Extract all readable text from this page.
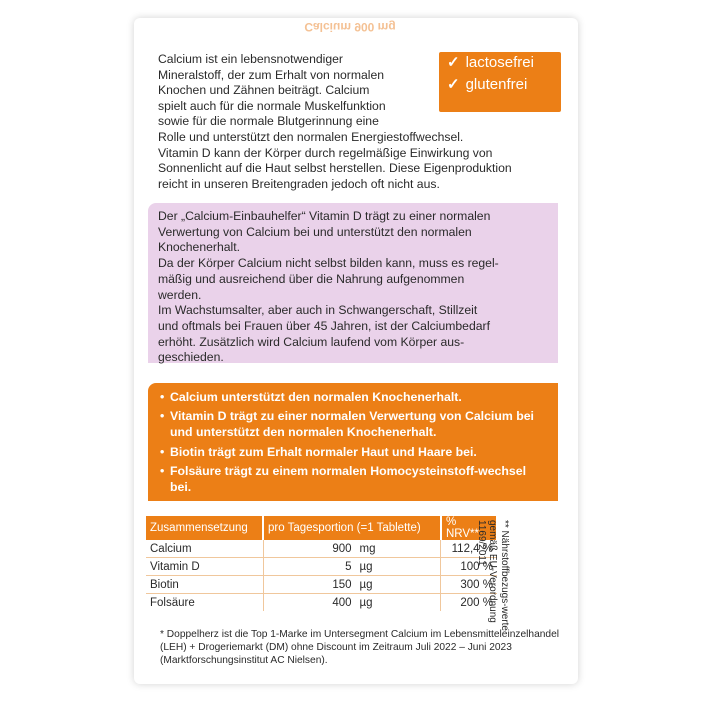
Calcium 900 mg
✓ lactosefrei
✓ glutenfrei

Calcium ist ein lebensnotwendiger

Mineralstoff, der zum Erhalt von normalen

Knochen und Zähnen beiträgt. Calcium

spielt auch für die normale Muskelfunktion

sowie für die normale Blutgerinnung eine

Rolle und unterstützt den normalen Energiestoffwechsel.

Vitamin D kann der Körper durch regelmäßige Einwirkung von

Sonnenlicht auf die Haut selbst herstellen. Diese Eigenproduktion

reicht in unseren Breitengraden jedoch oft nicht aus.

Der „Calcium-Einbauhelfer“ Vitamin D trägt zu einer normalen

Verwertung von Calcium bei und unterstützt den normalen

Knochenerhalt.

Da der Körper Calcium nicht selbst bilden kann, muss es regel-

mäßig und ausreichend über die Nahrung aufgenommen

werden.

Im Wachstumsalter, aber auch in Schwangerschaft, Stillzeit

und oftmals bei Frauen über 45 Jahren, ist der Calciumbedarf

erhöht. Zusätzlich wird Calcium laufend vom Körper aus-

geschieden.

• Calcium unterstützt den normalen Knochenerhalt.
• Vitamin D trägt zu einer normalen Verwertung von Calcium bei und unterstützt den normalen Knochenerhalt.
• Biotin trägt zum Erhalt normaler Haut und Haare bei.
• Folsäure trägt zu einem normalen Homocysteinstoff-wechsel bei.
Zusammensetzung	pro Tagesportion (=1 Tablette)		% NRV**
Calcium	900	mg	112,4 %
Vitamin D	5	µg	100 %
Biotin	150	µg	300 %
Folsäure	400	µg	200 % ** Nährstoffbezugs-werte gemäß EU-Verordnung 1169/2011
* Doppelherz ist die Top 1-Marke im Untersegment Calcium im Lebensmitteleinzelhandel (LEH) + Drogeriemarkt (DM) ohne Discount im Zeitraum Juli 2022 – Juni 2023 (Marktforschungsinstitut AC Nielsen).
